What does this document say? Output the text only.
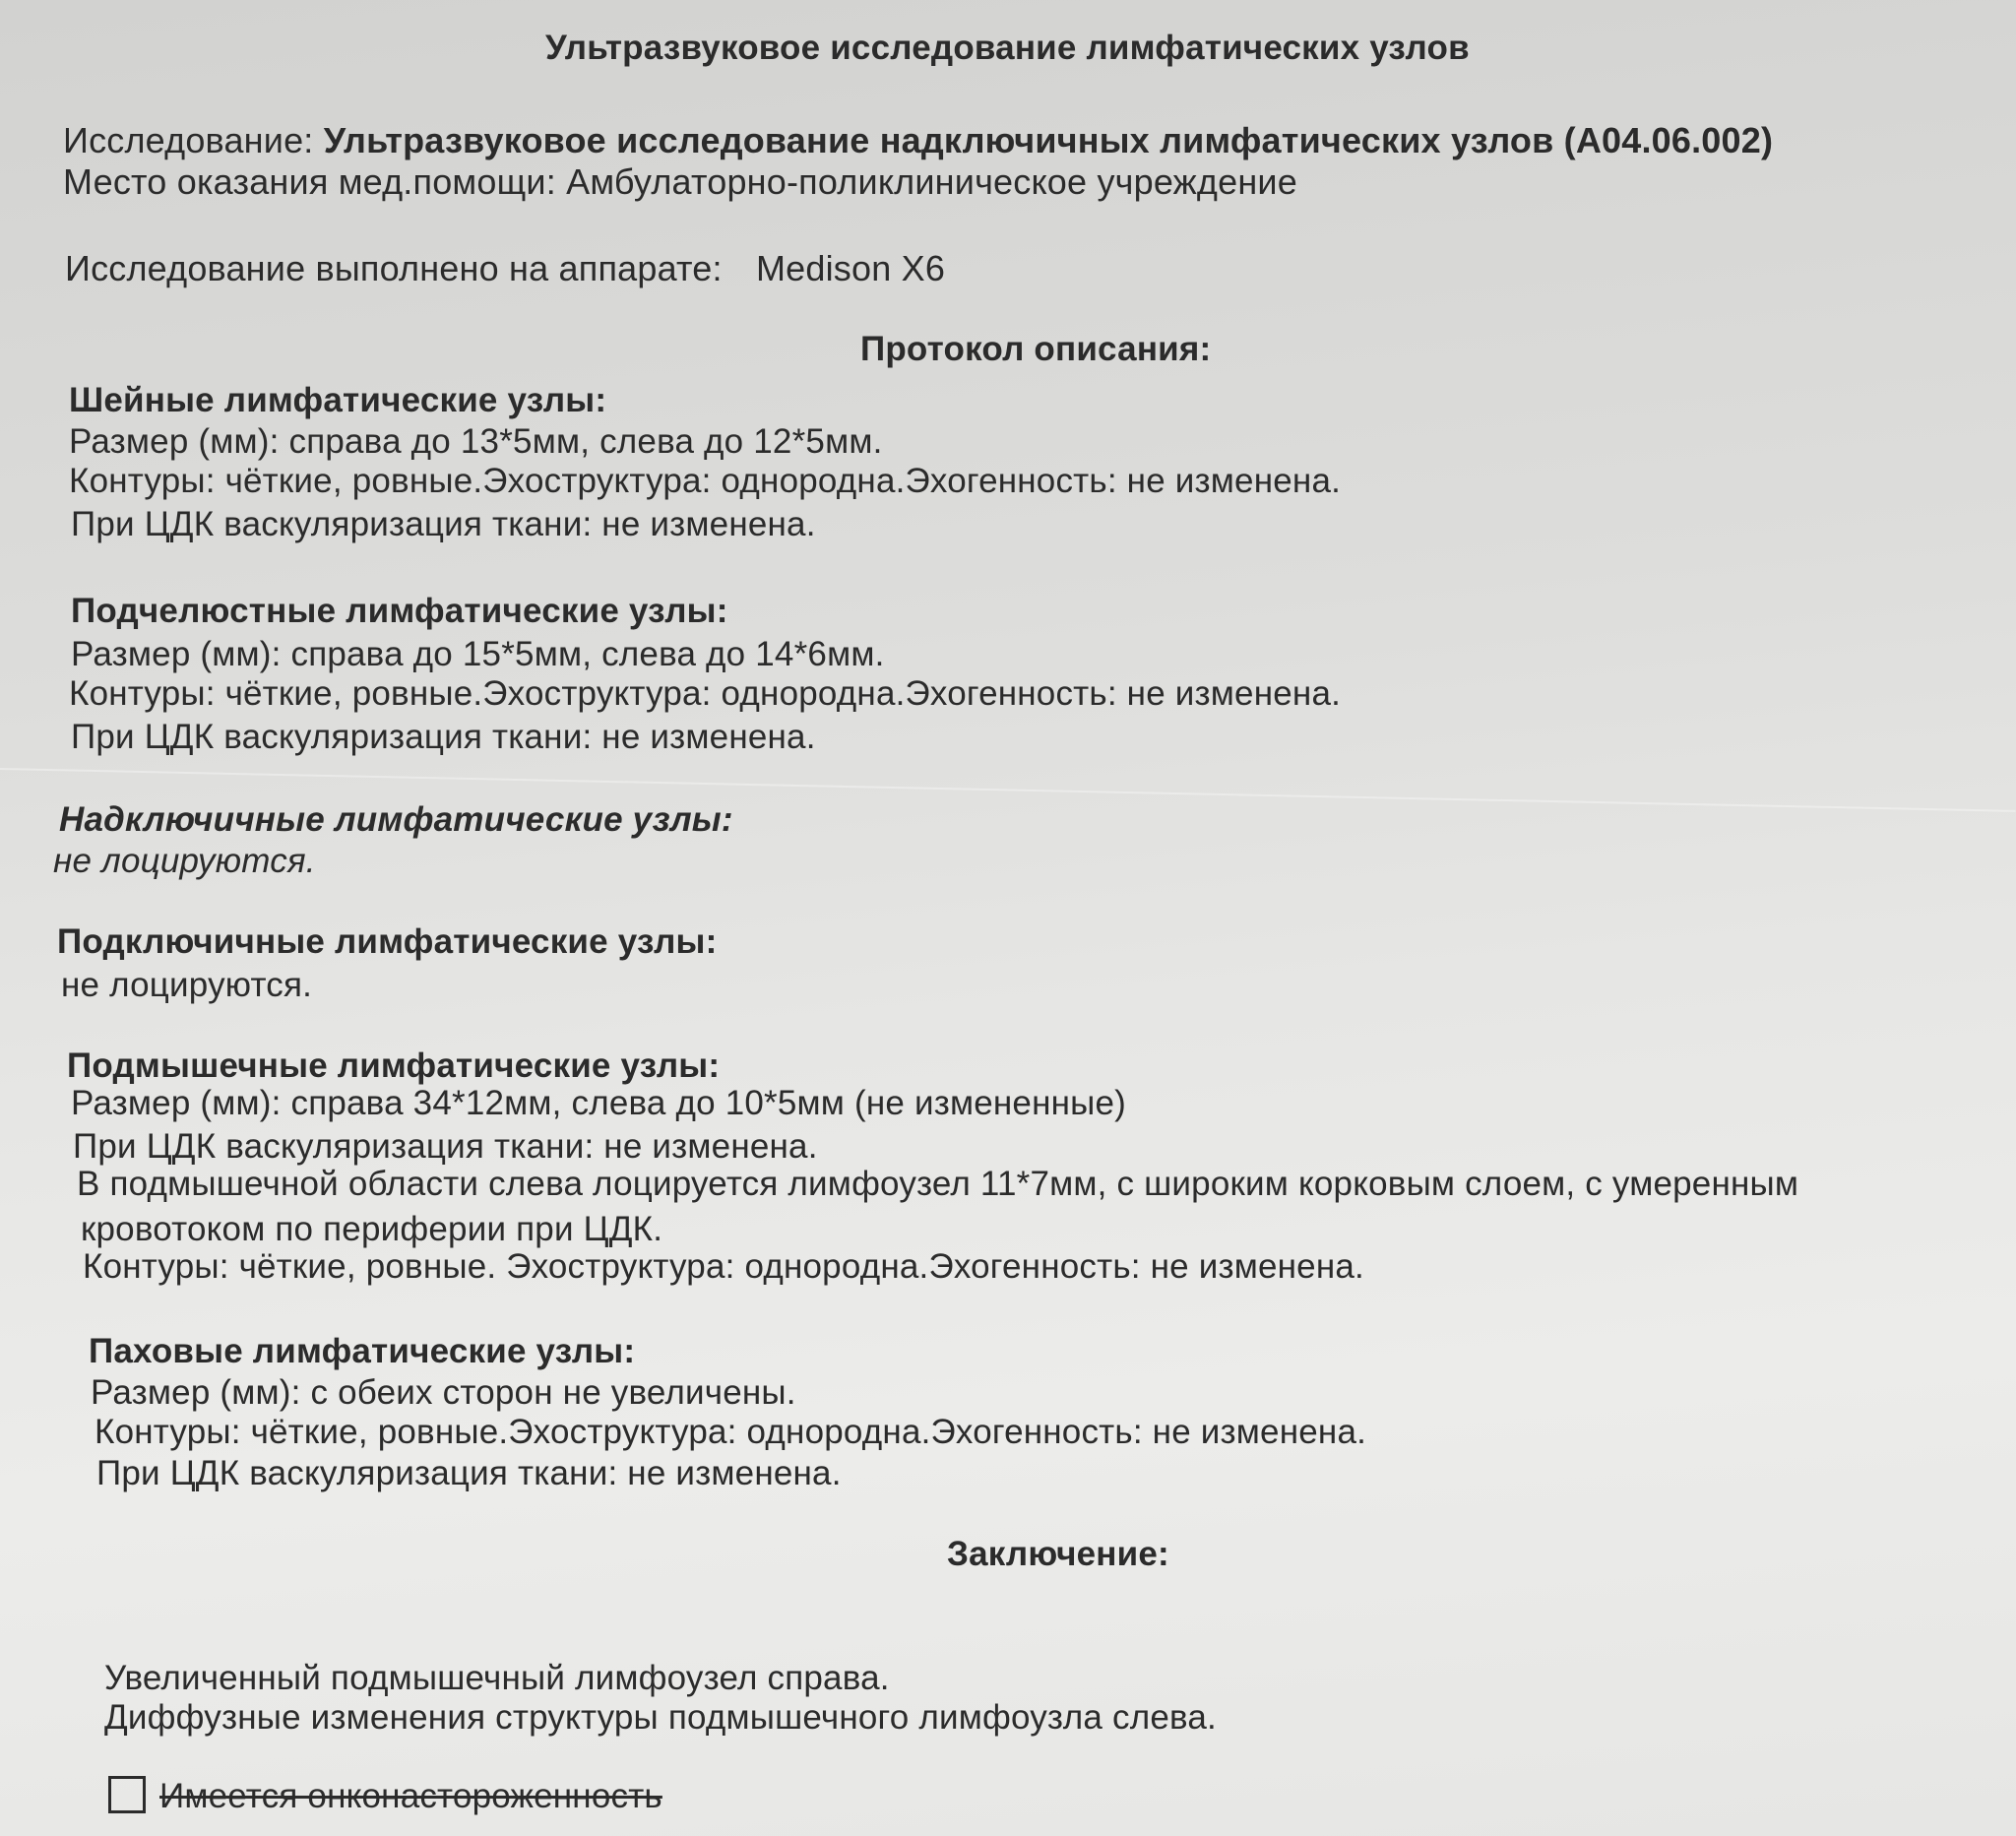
Ультразвуковое исследование лимфатических узлов
Исследование: Ультразвуковое исследование надключичных лимфатических узлов (A04.06.002)
Место оказания мед.помощи: Амбулаторно-поликлиническое учреждение
Исследование выполнено на аппарате: Medison X6
Протокол описания:
Шейные лимфатические узлы:
Размер (мм): справа до 13*5мм, слева до 12*5мм.
Контуры: чёткие, ровные.Эхоструктура: однородна.Эхогенность: не изменена.
При ЦДК васкуляризация ткани: не изменена.
Подчелюстные лимфатические узлы:
Размер (мм): справа до 15*5мм, слева до 14*6мм.
Контуры: чёткие, ровные.Эхоструктура: однородна.Эхогенность: не изменена.
При ЦДК васкуляризация ткани: не изменена.
Надключичные лимфатические узлы:
не лоцируются.
Подключичные лимфатические узлы:
не лоцируются.
Подмышечные лимфатические узлы:
Размер (мм): справа 34*12мм, слева до 10*5мм (не измененные)
При ЦДК васкуляризация ткани: не изменена.
В подмышечной области слева лоцируется лимфоузел 11*7мм, с широким корковым слоем, с умеренным
кровотоком по периферии при ЦДК.
Контуры: чёткие, ровные. Эхоструктура: однородна.Эхогенность: не изменена.
Паховые лимфатические узлы:
Размер (мм): с обеих сторон не увеличены.
Контуры: чёткие, ровные.Эхоструктура: однородна.Эхогенность: не изменена.
При ЦДК васкуляризация ткани: не изменена.
Заключение:
Увеличенный подмышечный лимфоузел справа.
Диффузные изменения структуры подмышечного лимфоузла слева.
Имеется онконастороженность
